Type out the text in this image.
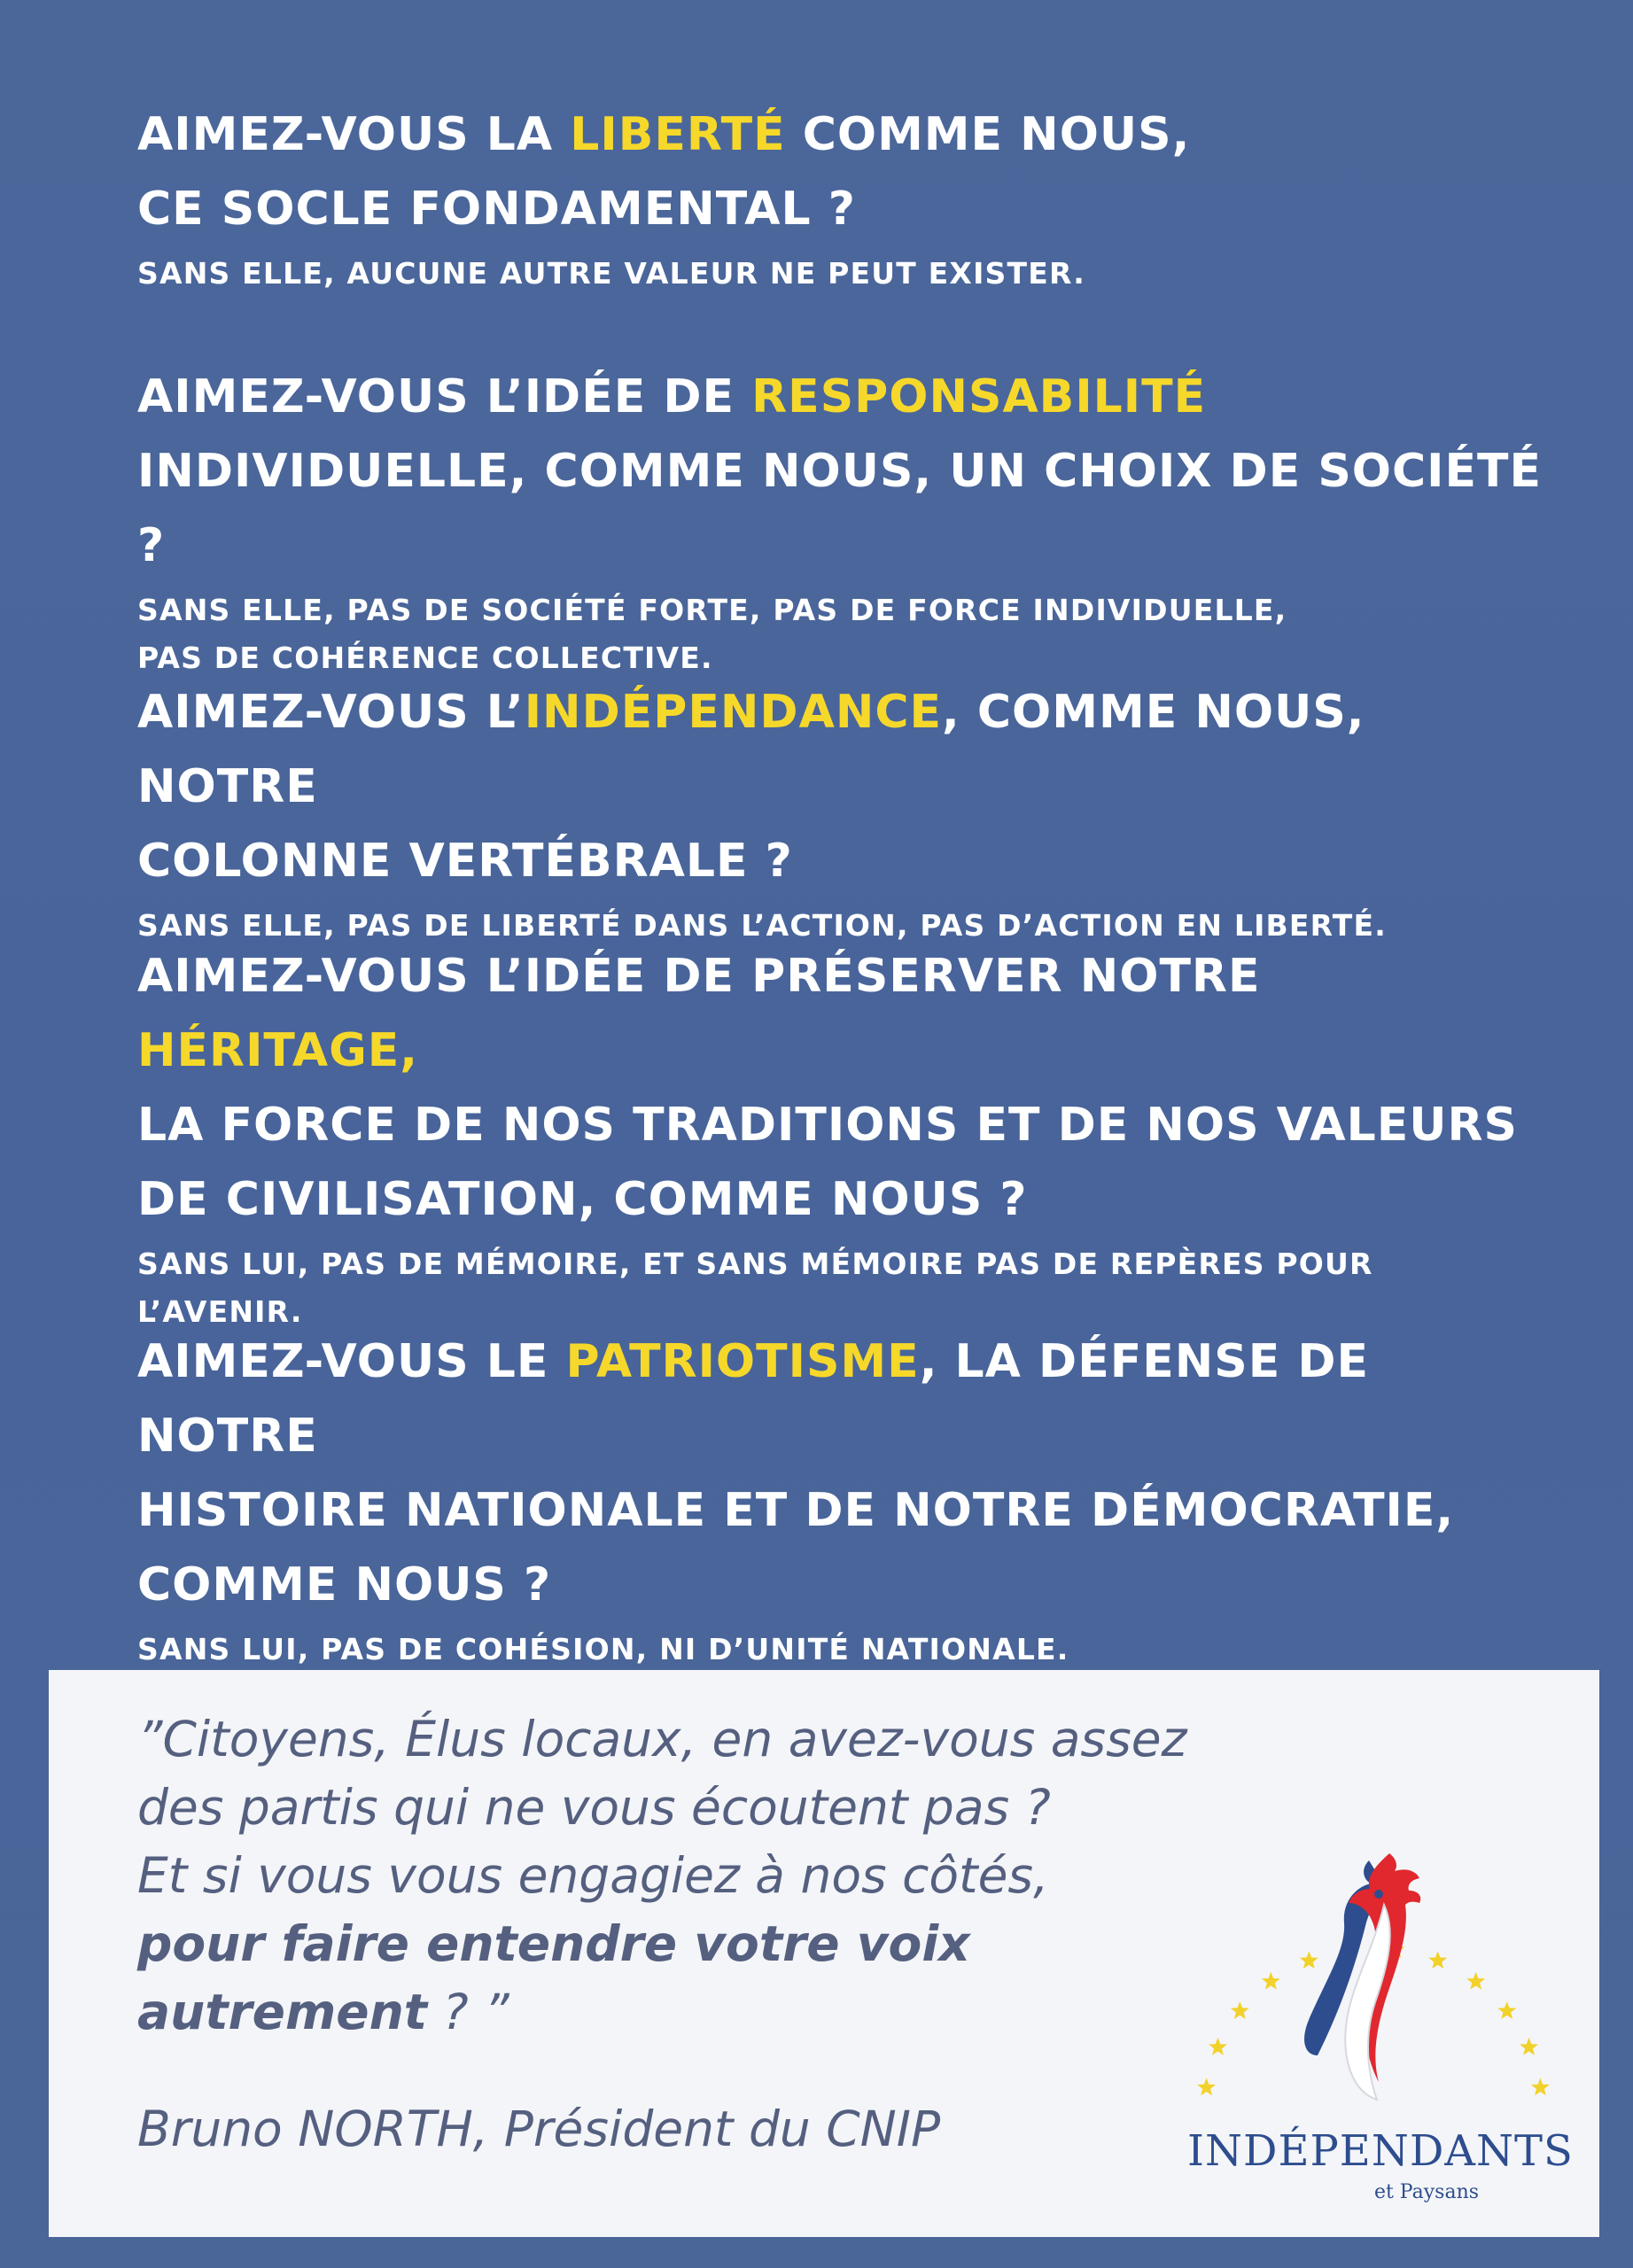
AIMEZ-VOUS LA LIBERTÉ COMME NOUS,

CE SOCLE FONDAMENTAL ?

SANS ELLE, AUCUNE AUTRE VALEUR NE PEUT EXISTER.

AIMEZ-VOUS L’IDÉE DE RESPONSABILITÉ

INDIVIDUELLE, COMME NOUS, UN CHOIX DE SOCIÉTÉ ?

SANS ELLE, PAS DE SOCIÉTÉ FORTE, PAS DE FORCE INDIVIDUELLE,

PAS DE COHÉRENCE COLLECTIVE.

AIMEZ-VOUS L’INDÉPENDANCE, COMME NOUS, NOTRE

COLONNE VERTÉBRALE ?

SANS ELLE, PAS DE LIBERTÉ DANS L’ACTION, PAS D’ACTION EN LIBERTÉ.

AIMEZ-VOUS L’IDÉE DE PRÉSERVER NOTRE HÉRITAGE,

LA FORCE DE NOS TRADITIONS ET DE NOS VALEURS

DE CIVILISATION, COMME NOUS ?

SANS LUI, PAS DE MÉMOIRE, ET SANS MÉMOIRE PAS DE REPÈRES POUR

L’AVENIR.

AIMEZ-VOUS LE PATRIOTISME, LA DÉFENSE DE NOTRE

HISTOIRE NATIONALE ET DE NOTRE DÉMOCRATIE,

COMME NOUS ?

SANS LUI, PAS DE COHÉSION, NI D’UNITÉ NATIONALE.

”Citoyens, Élus locaux, en avez-vous assez
des partis qui ne vous écoutent pas ?
Et si vous vous engagiez à nos côtés,
pour faire entendre votre voix
autrement ? ”

Bruno NORTH, Président du CNIP	INDÉPENDANTS
et Paysans
